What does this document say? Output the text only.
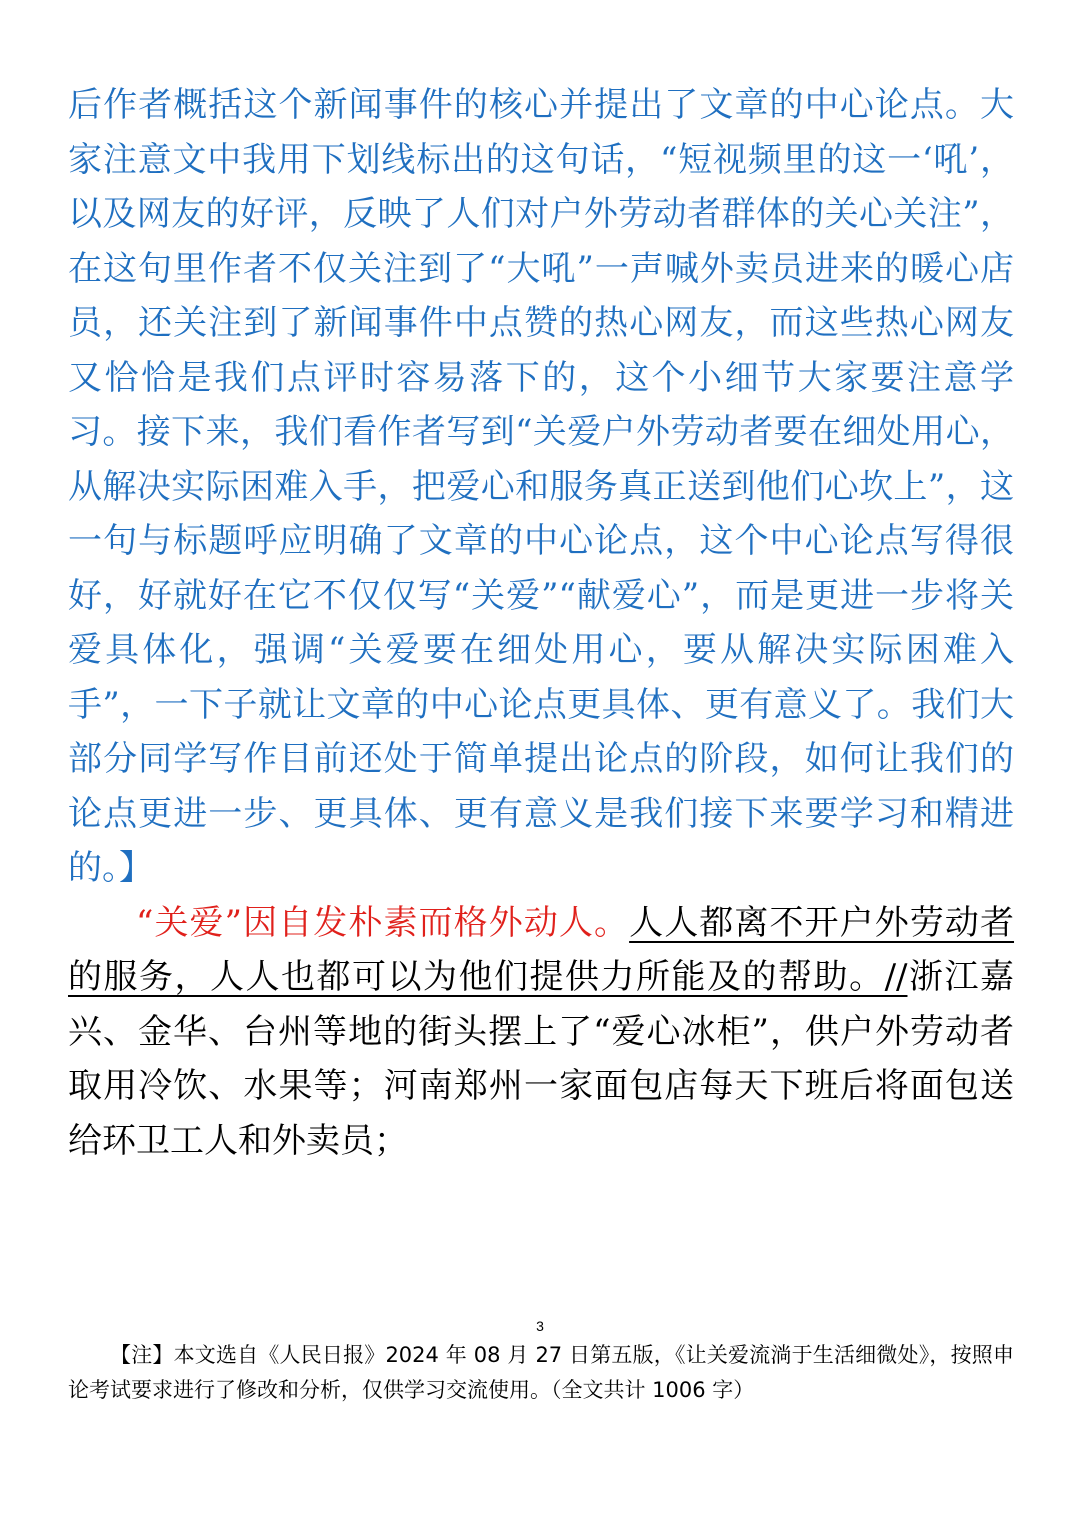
后作者概括这个新闻事件的核心并提出了文章的中心论点。大家注意文中我用下划线标出的这句话，“短视频里的这一‘吼’，以及网友的好评，反映了人们对户外劳动者群体的关心关注”，在这句里作者不仅关注到了“大吼”一声喊外卖员进来的暖心店员，还关注到了新闻事件中点赞的热心网友，而这些热心网友又恰恰是我们点评时容易落下的，这个小细节大家要注意学习。接下来，我们看作者写到“关爱户外劳动者要在细处用心，从解决实际困难入手，把爱心和服务真正送到他们心坎上”，这一句与标题呼应明确了文章的中心论点，这个中心论点写得很好，好就好在它不仅仅写“关爱”“献爱心”，而是更进一步将关爱具体化，强调“关爱要在细处用心，要从解决实际困难入手”，一下子就让文章的中心论点更具体、更有意义了。我们大部分同学写作目前还处于简单提出论点的阶段，如何让我们的论点更进一步、更具体、更有意义是我们接下来要学习和精进的。】

“关爱”因自发朴素而格外动人。人人都离不开户外劳动者的服务，人人也都可以为他们提供力所能及的帮助。//浙江嘉兴、金华、台州等地的街头摆上了“爱心冰柜”，供户外劳动者取用冷饮、水果等；河南郑州一家面包店每天下班后将面包送给环卫工人和外卖员；

3

【注】本文选自《人民日报》2024 年 08 月 27 日第五版，《让关爱流淌于生活细微处》，按照申论考试要求进行了修改和分析，仅供学习交流使用。（全文共计 1006 字）
